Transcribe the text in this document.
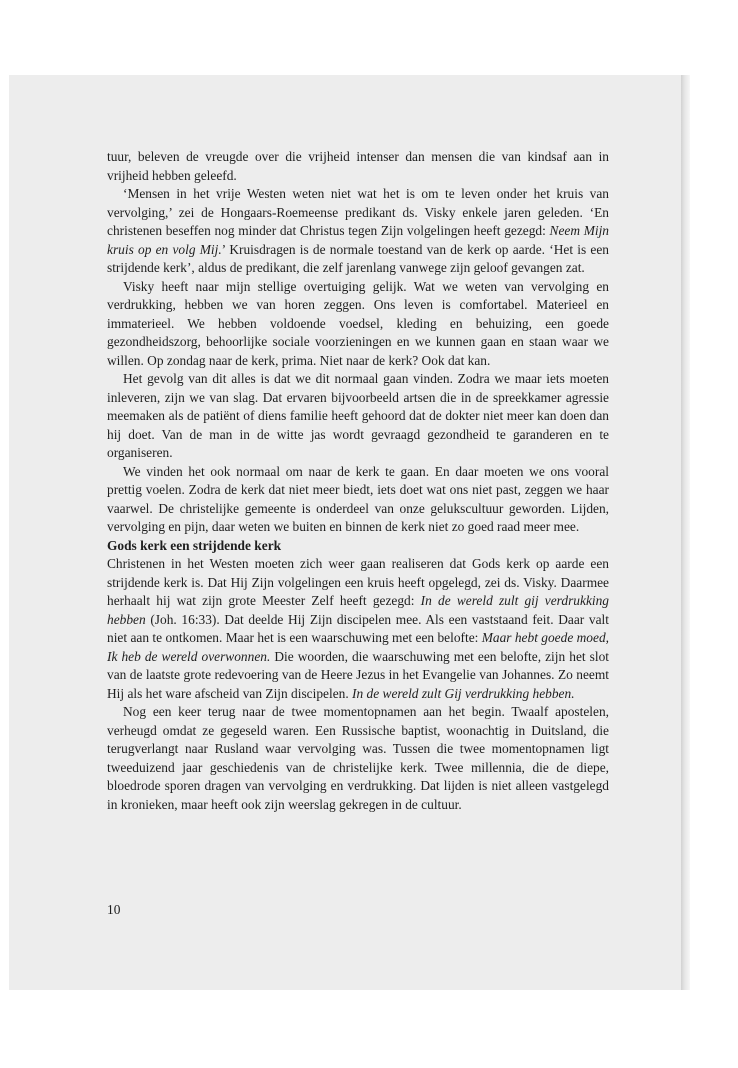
tuur, beleven de vreugde over die vrijheid intenser dan mensen die van kindsaf aan in vrijheid hebben geleefd.

‘Mensen in het vrije Westen weten niet wat het is om te leven onder het kruis van vervolging,’ zei de Hongaars-Roemeense predikant ds. Visky enkele jaren geleden. ‘En christenen beseffen nog minder dat Christus tegen Zijn volgelingen heeft gezegd: Neem Mijn kruis op en volg Mij.’ Kruisdragen is de normale toestand van de kerk op aarde. ‘Het is een strijdende kerk’, aldus de predikant, die zelf jarenlang vanwege zijn geloof gevangen zat.

Visky heeft naar mijn stellige overtuiging gelijk. Wat we weten van vervolging en verdrukking, hebben we van horen zeggen. Ons leven is comfortabel. Materieel en immaterieel. We hebben voldoende voedsel, kleding en behuizing, een goede gezondheidszorg, behoorlijke sociale voorzieningen en we kunnen gaan en staan waar we willen. Op zondag naar de kerk, prima. Niet naar de kerk? Ook dat kan.

Het gevolg van dit alles is dat we dit normaal gaan vinden. Zodra we maar iets moeten inleveren, zijn we van slag. Dat ervaren bijvoorbeeld artsen die in de spreekkamer agressie meemaken als de patiënt of diens familie heeft gehoord dat de dokter niet meer kan doen dan hij doet. Van de man in de witte jas wordt gevraagd gezondheid te garanderen en te organiseren.

We vinden het ook normaal om naar de kerk te gaan. En daar moeten we ons vooral prettig voelen. Zodra de kerk dat niet meer biedt, iets doet wat ons niet past, zeggen we haar vaarwel. De christelijke gemeente is onderdeel van onze gelukscultuur geworden. Lijden, vervolging en pijn, daar weten we buiten en binnen de kerk niet zo goed raad meer mee.

Gods kerk een strijdende kerk

Christenen in het Westen moeten zich weer gaan realiseren dat Gods kerk op aarde een strijdende kerk is. Dat Hij Zijn volgelingen een kruis heeft opgelegd, zei ds. Visky. Daarmee herhaalt hij wat zijn grote Meester Zelf heeft gezegd: In de wereld zult gij verdrukking hebben (Joh. 16:33). Dat deelde Hij Zijn discipelen mee. Als een vaststaand feit. Daar valt niet aan te ontkomen. Maar het is een waarschuwing met een belofte: Maar hebt goede moed, Ik heb de wereld overwonnen. Die woorden, die waarschuwing met een belofte, zijn het slot van de laatste grote redevoering van de Heere Jezus in het Evangelie van Johannes. Zo neemt Hij als het ware afscheid van Zijn discipelen. In de wereld zult Gij verdrukking hebben.

Nog een keer terug naar de twee momentopnamen aan het begin. Twaalf apostelen, verheugd omdat ze gegeseld waren. Een Russische baptist, woonachtig in Duitsland, die terugverlangt naar Rusland waar vervolging was. Tussen die twee momentopnamen ligt tweeduizend jaar geschiedenis van de christelijke kerk. Twee millennia, die de diepe, bloedrode sporen dragen van vervolging en verdrukking. Dat lijden is niet alleen vastgelegd in kronieken, maar heeft ook zijn weerslag gekregen in de cultuur.

10
